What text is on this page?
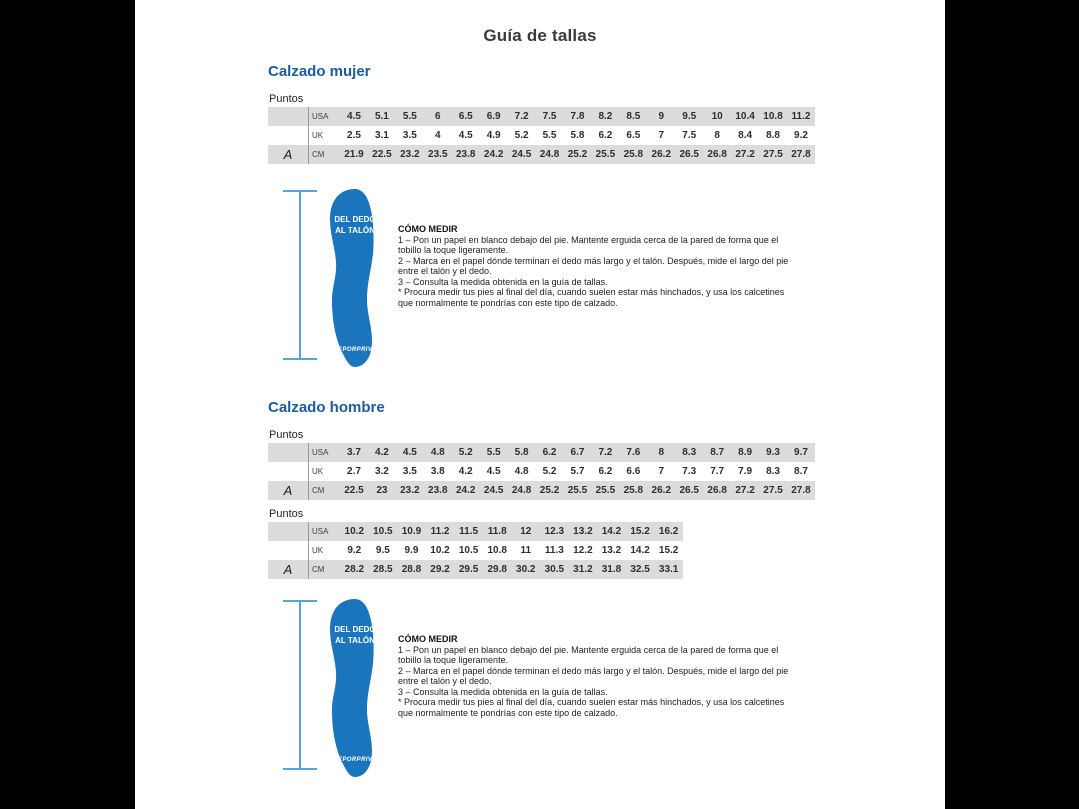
Guía de tallas
Calzado mujer
Puntos
USA	4.5	5.1	5.5	6	6.5	6.9	7.2	7.5	7.8	8.2	8.5	9	9.5	10	10.4 10.8 11.2
UK	2.5	3.1	3.5	4	4.5	4.9	5.2	5.5	5.8	6.2	6.5	7	7.5	8	8.4	8.8	9.2
A	CM	21.9 22.5 23.2 23.5 23.8 24.2 24.5 24.8 25.2 25.5 25.8 26.2 26.5 26.8 27.2 27.5 27.8
DEL DEDO
AL TALÓN
DEPORPRIVÉ

CÓMO MEDIR

1 – Pon un papel en blanco debajo del pie. Mantente erguida cerca de la pared de forma que el tobillo la toque ligeramente.

2 – Marca en el papel dónde terminan el dedo más largo y el talón. Después, mide el largo del pie entre el talón y el dedo.

3 – Consulta la medida obtenida en la guía de tallas.

* Procura medir tus pies al final del día, cuando suelen estar más hinchados, y usa los calcetines que normalmente te pondrías con este tipo de calzado.

Calzado hombre
Puntos
USA	3.7	4.2	4.5	4.8	5.2	5.5	5.8	6.2	6.7	7.2	7.6	8	8.3	8.7	8.9	9.3	9.7
UK	2.7	3.2	3.5	3.8	4.2	4.5	4.8	5.2	5.7	6.2	6.6	7	7.3	7.7	7.9	8.3	8.7
A	CM	22.5	23	23.2 23.8 24.2 24.5 24.8 25.2 25.5 25.5 25.8 26.2 26.5 26.8 27.2 27.5 27.8
Puntos
USA	10.2 10.5 10.9 11.2 11.5 11.8	12	12.3 13.2 14.2 15.2 16.2
UK	9.2	9.5	9.9	10.2 10.5 10.8	11	11.3 12.2 13.2 14.2 15.2
A	CM	28.2 28.5 28.8 29.2 29.5 29.8 30.2 30.5 31.2 31.8 32.5 33.1
DEL DEDO
AL TALÓN
DEPORPRIVÉ

CÓMO MEDIR

1 – Pon un papel en blanco debajo del pie. Mantente erguida cerca de la pared de forma que el tobillo la toque ligeramente.

2 – Marca en el papel dónde terminan el dedo más largo y el talón. Después, mide el largo del pie entre el talón y el dedo.

3 – Consulta la medida obtenida en la guía de tallas.

* Procura medir tus pies al final del día, cuando suelen estar más hinchados, y usa los calcetines que normalmente te pondrías con este tipo de calzado.
